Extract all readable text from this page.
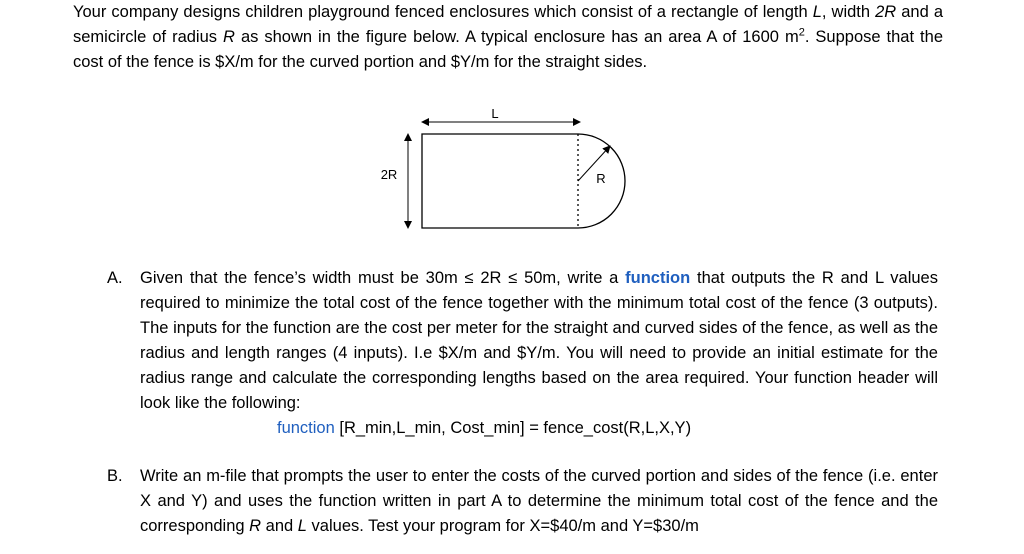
Your company designs children playground fenced enclosures which consist of a rectangle of length L, width 2R and a semicircle of radius R as shown in the figure below. A typical enclosure has an area A of 1600 $m^2$. Suppose that the cost of the fence is $X/m for the curved portion and $Y/m for the straight sides.
L
2R	R
A. Given that the fence’s width must be 30m ≤ 2R ≤ 50m, write a function that outputs the R and L values required to minimize the total cost of the fence together with the minimum total cost of the fence (3 outputs). The inputs for the function are the cost per meter for the straight and curved sides of the fence, as well as the radius and length ranges (4 inputs). I.e $X/m and $Y/m. You will need to provide an initial estimate for the radius range and calculate the corresponding lengths based on the area required. Your function header will look like the following:
function [R_min,L_min, Cost_min] = fence_cost(R,L,X,Y)
B. Write an m-file that prompts the user to enter the costs of the curved portion and sides of the fence (i.e. enter X and Y) and uses the function written in part A to determine the minimum total cost of the fence and the corresponding R and L values. Test your program for X=$40/m and Y=$30/m
